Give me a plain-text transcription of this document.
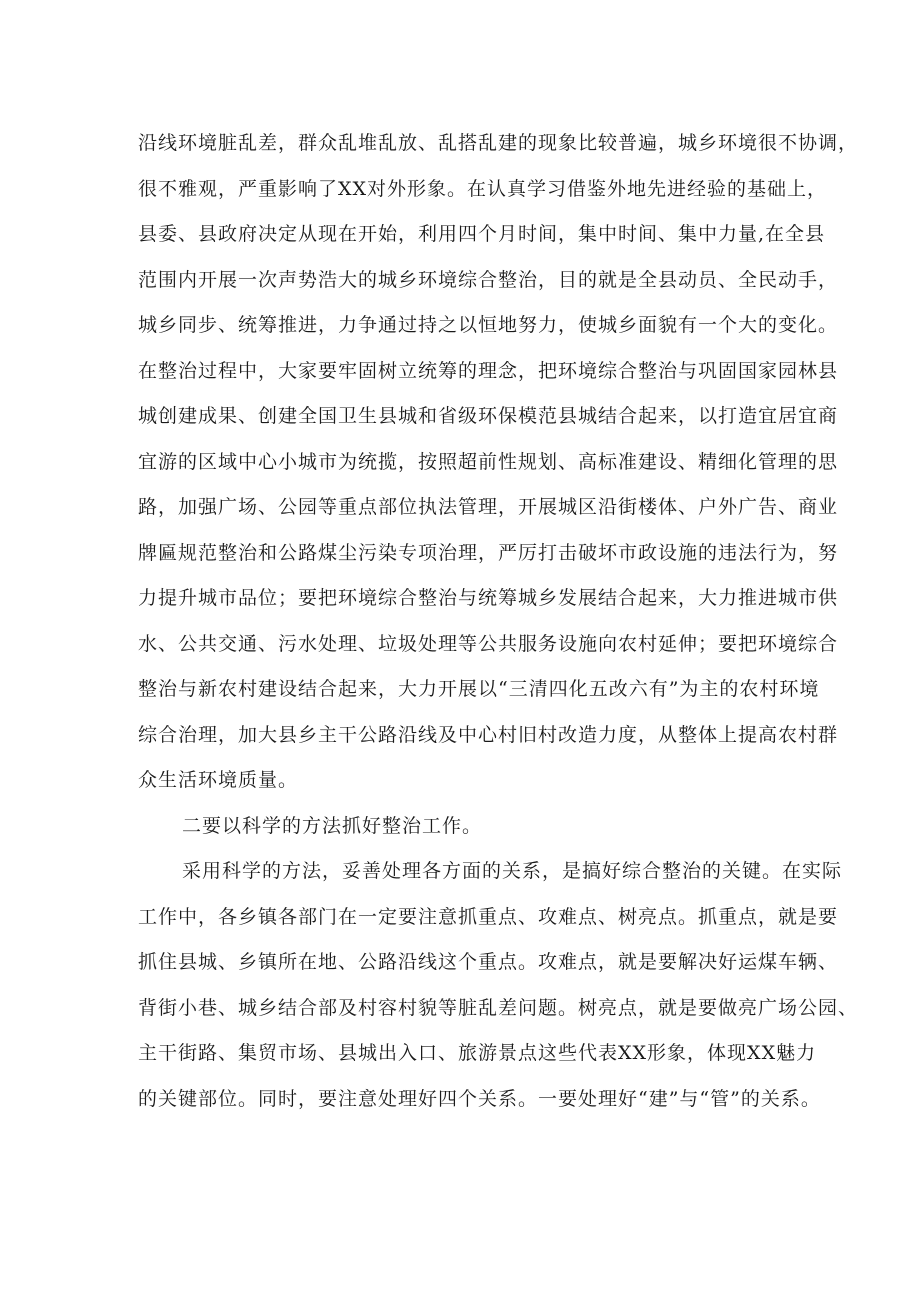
沿线环境脏乱差，群众乱堆乱放、乱搭乱建的现象比较普遍，城乡环境很不协调，
很不雅观，严重影响了XX对外形象。在认真学习借鉴外地先进经验的基础上，
县委、县政府决定从现在开始，利用四个月时间，集中时间、集中力量,在全县
范围内开展一次声势浩大的城乡环境综合整治，目的就是全县动员、全民动手，
城乡同步、统筹推进，力争通过持之以恒地努力，使城乡面貌有一个大的变化。
在整治过程中，大家要牢固树立统筹的理念，把环境综合整治与巩固国家园林县
城创建成果、创建全国卫生县城和省级环保模范县城结合起来，以打造宜居宜商
宜游的区域中心小城市为统揽，按照超前性规划、高标准建设、精细化管理的思
路，加强广场、公园等重点部位执法管理，开展城区沿街楼体、户外广告、商业
牌匾规范整治和公路煤尘污染专项治理，严厉打击破坏市政设施的违法行为，努
力提升城市品位；要把环境综合整治与统筹城乡发展结合起来，大力推进城市供
水、公共交通、污水处理、垃圾处理等公共服务设施向农村延伸；要把环境综合
整治与新农村建设结合起来，大力开展以“三清四化五改六有”为主的农村环境
综合治理，加大县乡主干公路沿线及中心村旧村改造力度，从整体上提高农村群
众生活环境质量。
二要以科学的方法抓好整治工作。
采用科学的方法，妥善处理各方面的关系，是搞好综合整治的关键。在实际
工作中，各乡镇各部门在一定要注意抓重点、攻难点、树亮点。抓重点，就是要
抓住县城、乡镇所在地、公路沿线这个重点。攻难点，就是要解决好运煤车辆、
背街小巷、城乡结合部及村容村貌等脏乱差问题。树亮点，就是要做亮广场公园、
主干街路、集贸市场、县城出入口、旅游景点这些代表XX形象，体现XX魅力
的关键部位。同时，要注意处理好四个关系。一要处理好“建”与“管”的关系。
